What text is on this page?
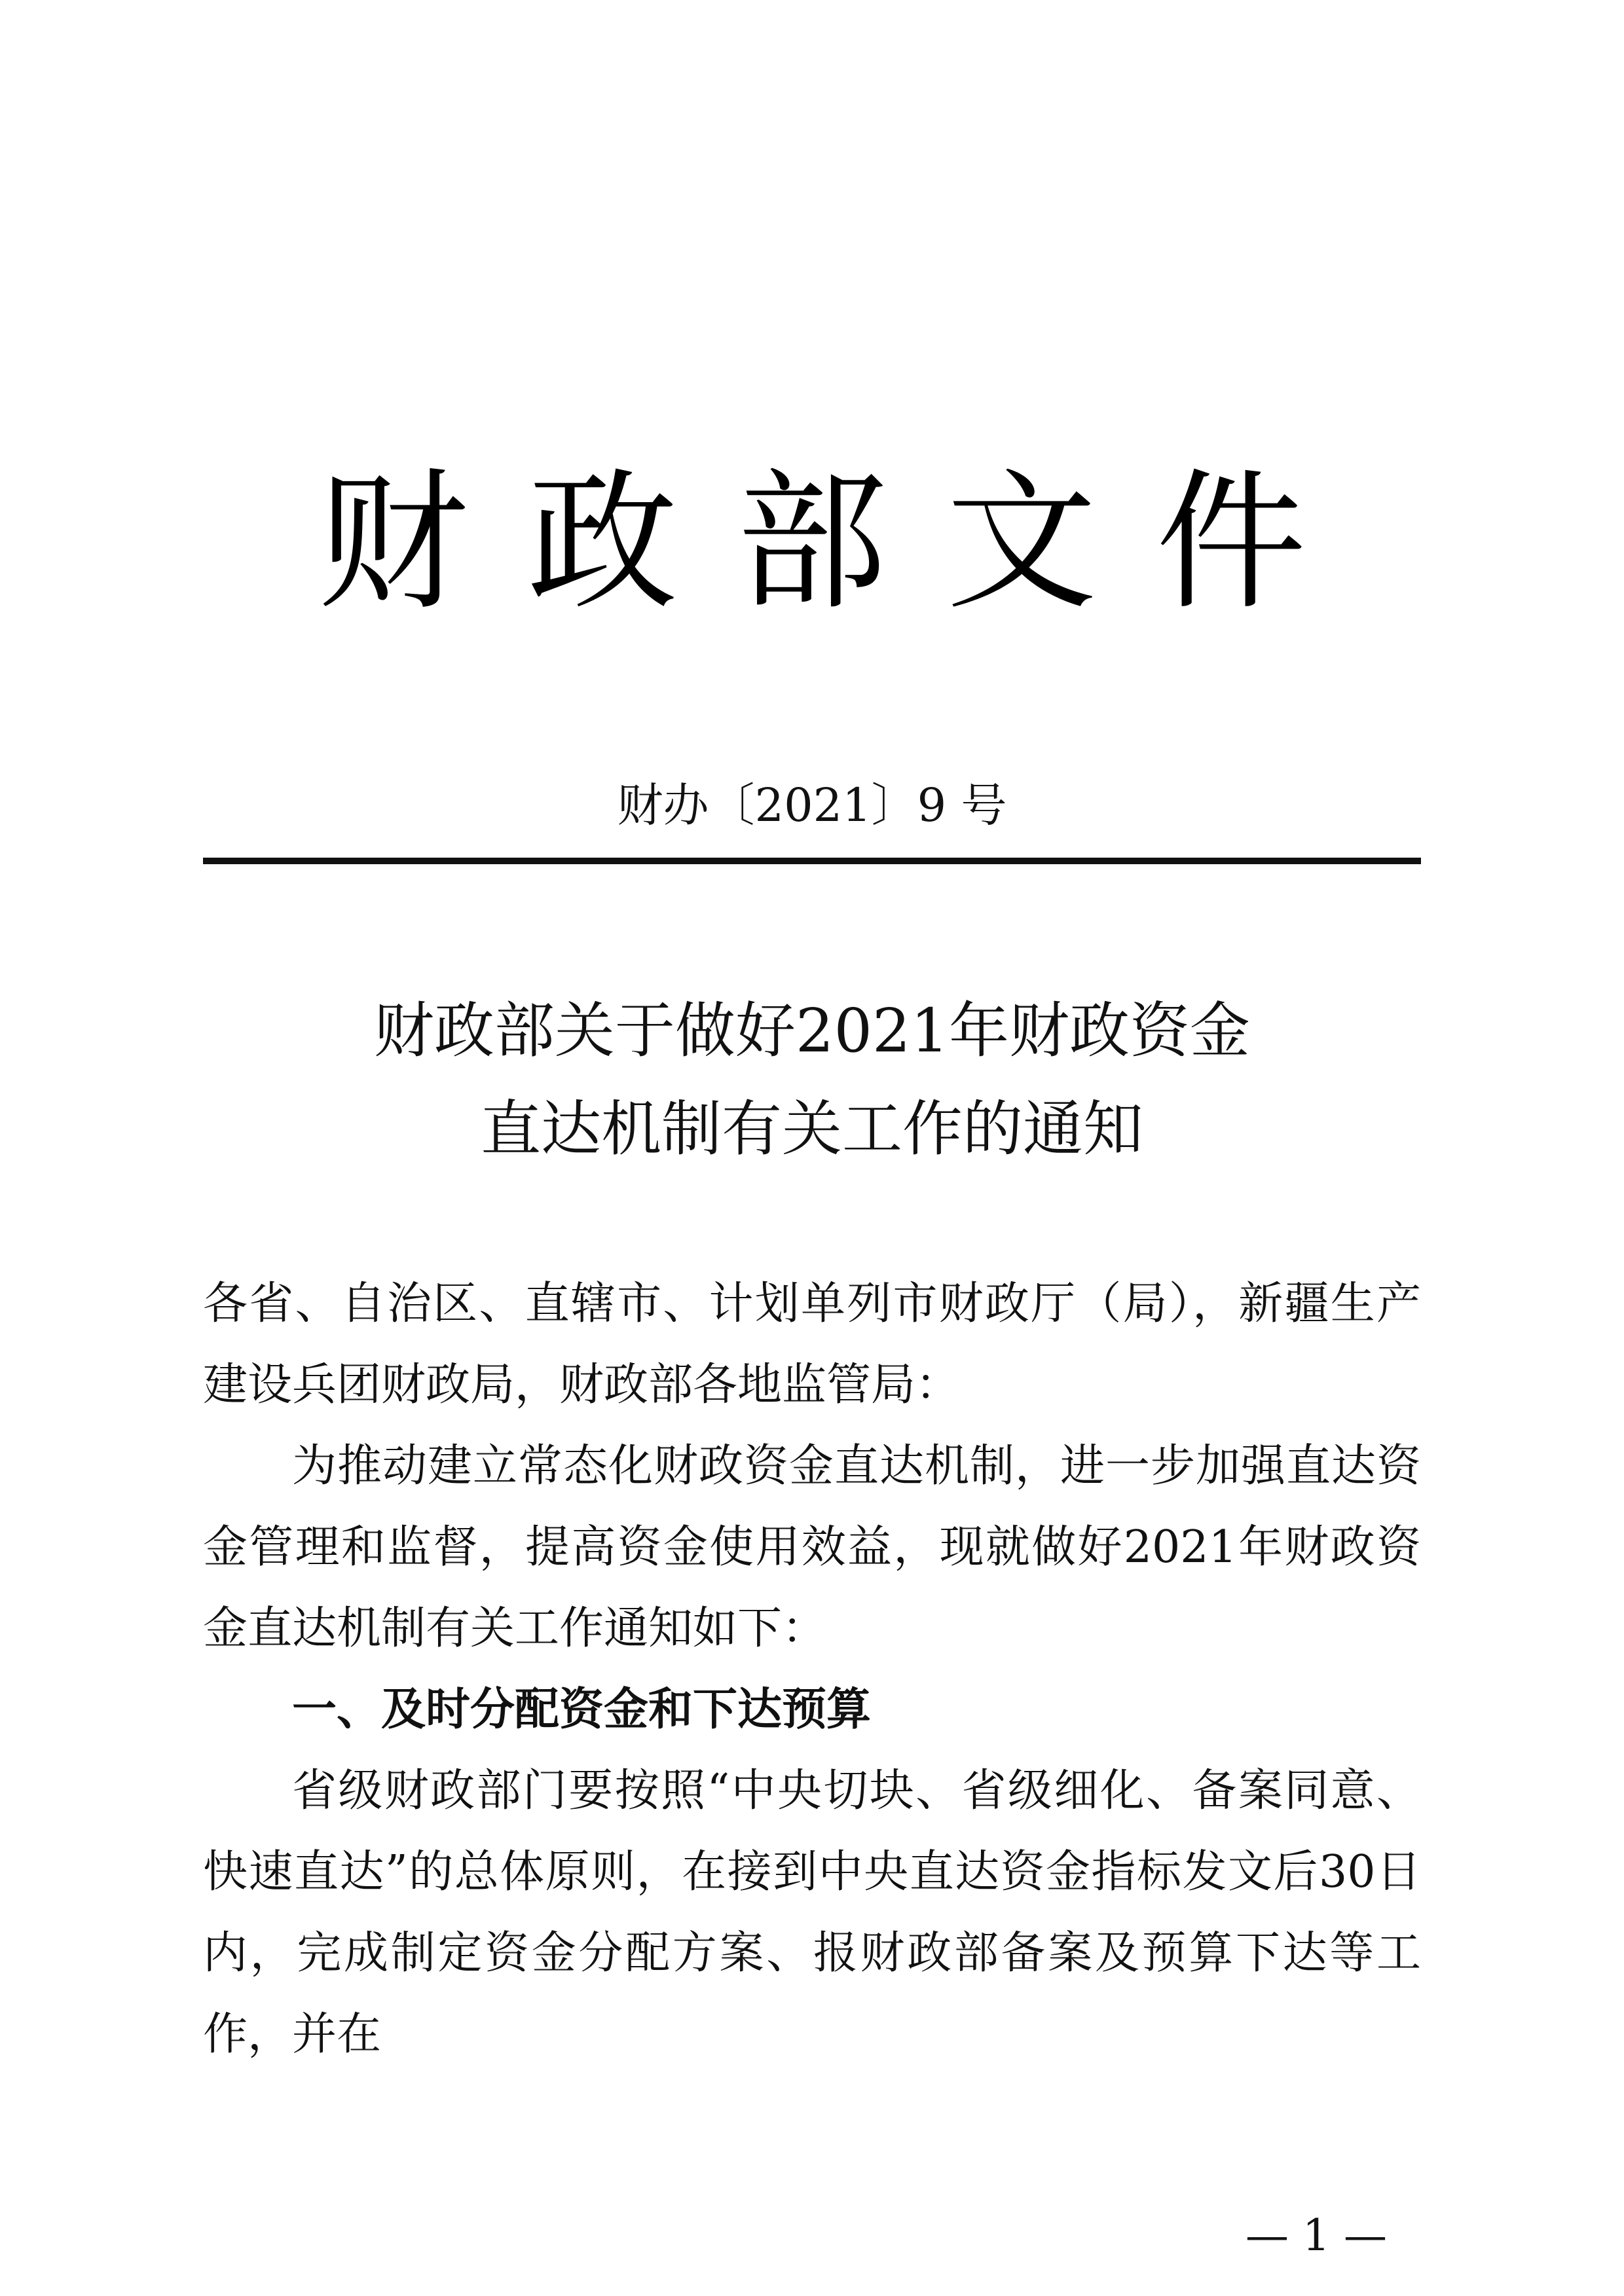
财政部文件
财办〔2021〕9 号
财政部关于做好2021年财政资金
直达机制有关工作的通知

各省、自治区、直辖市、计划单列市财政厅（局），新疆生产建设兵团财政局，财政部各地监管局：

为推动建立常态化财政资金直达机制，进一步加强直达资金管理和监督，提高资金使用效益，现就做好2021年财政资金直达机制有关工作通知如下：

一、及时分配资金和下达预算

省级财政部门要按照“中央切块、省级细化、备案同意、快速直达”的总体原则，在接到中央直达资金指标发文后30日内，完成制定资金分配方案、报财政部备案及预算下达等工作，并在

— 1 —
